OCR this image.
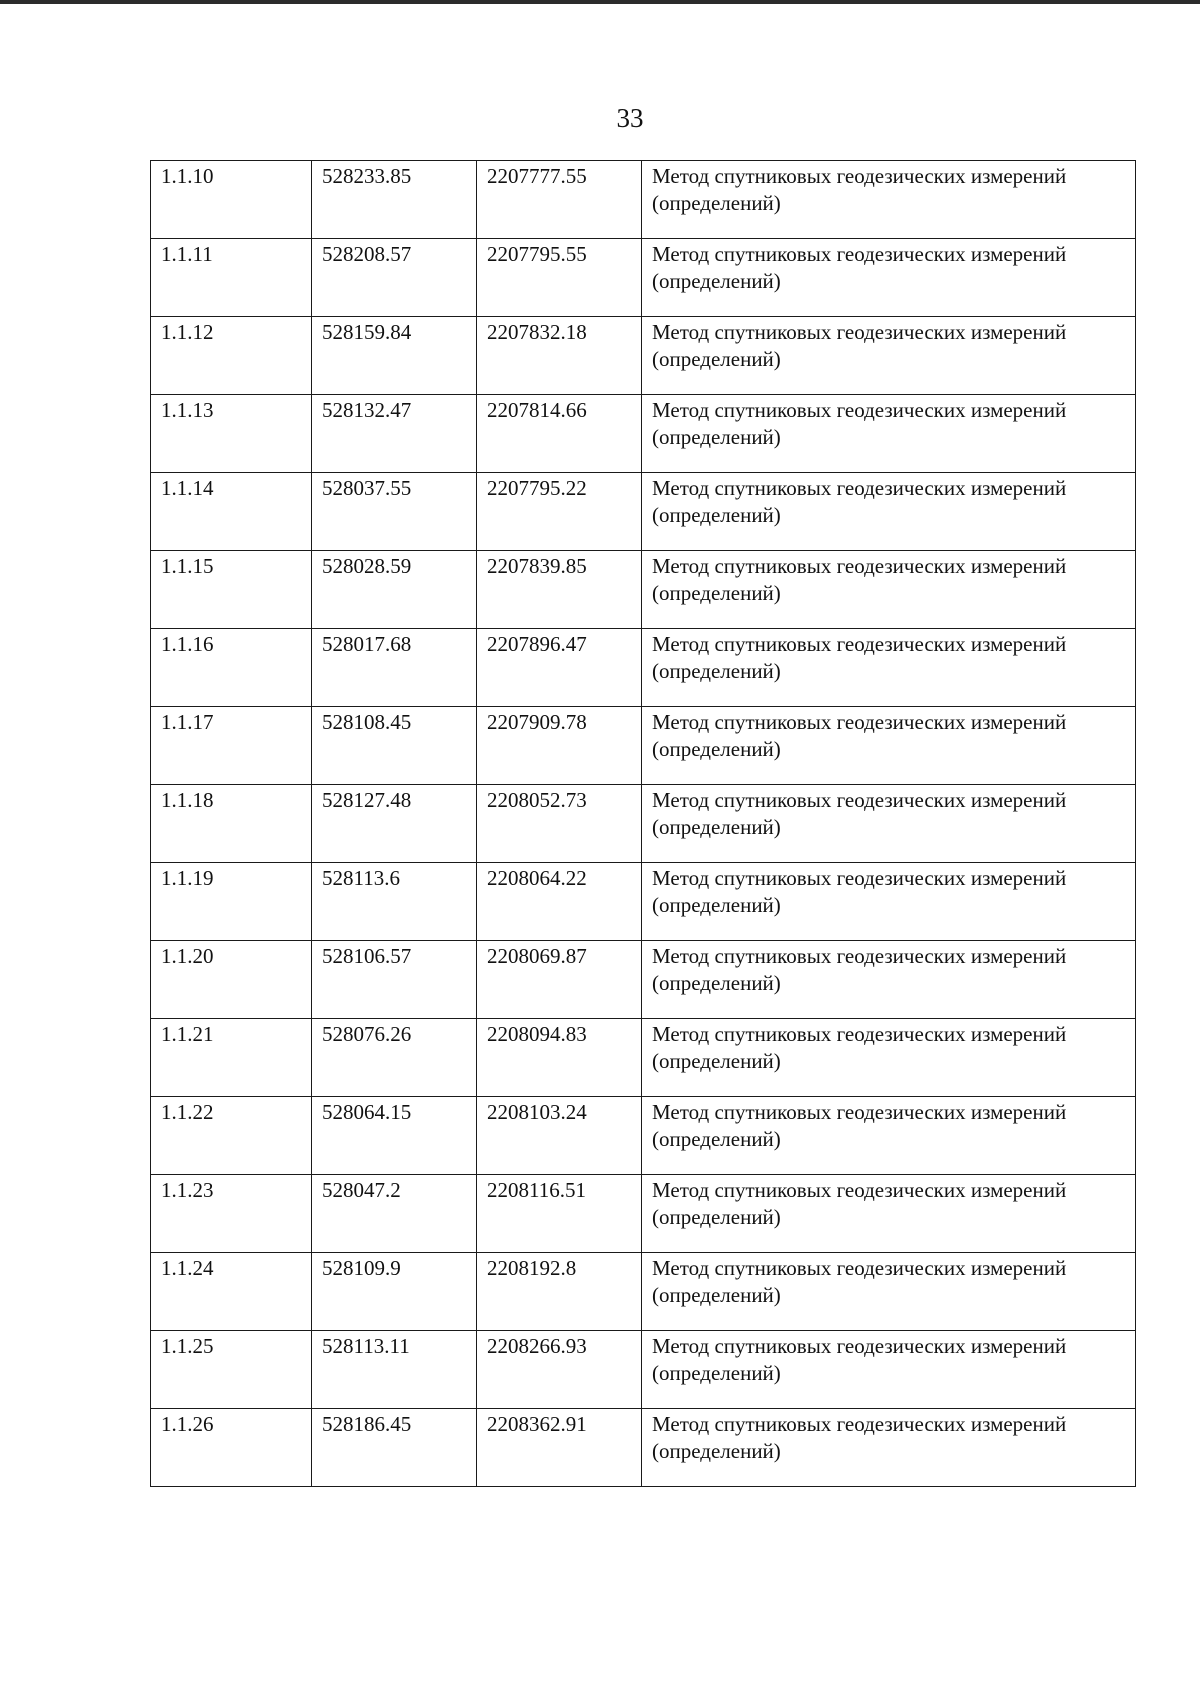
33
1.1.10	528233.85	2207777.55	Метод спутниковых геодезических измерений (определений)
1.1.11	528208.57	2207795.55	Метод спутниковых геодезических измерений (определений)
1.1.12	528159.84	2207832.18	Метод спутниковых геодезических измерений (определений)
1.1.13	528132.47	2207814.66	Метод спутниковых геодезических измерений (определений)
1.1.14	528037.55	2207795.22	Метод спутниковых геодезических измерений (определений)
1.1.15	528028.59	2207839.85	Метод спутниковых геодезических измерений (определений)
1.1.16	528017.68	2207896.47	Метод спутниковых геодезических измерений (определений)
1.1.17	528108.45	2207909.78	Метод спутниковых геодезических измерений (определений)
1.1.18	528127.48	2208052.73	Метод спутниковых геодезических измерений (определений)
1.1.19	528113.6	2208064.22	Метод спутниковых геодезических измерений (определений)
1.1.20	528106.57	2208069.87	Метод спутниковых геодезических измерений (определений)
1.1.21	528076.26	2208094.83	Метод спутниковых геодезических измерений (определений)
1.1.22	528064.15	2208103.24	Метод спутниковых геодезических измерений (определений)
1.1.23	528047.2	2208116.51	Метод спутниковых геодезических измерений (определений)
1.1.24	528109.9	2208192.8	Метод спутниковых геодезических измерений (определений)
1.1.25	528113.11	2208266.93	Метод спутниковых геодезических измерений (определений)
1.1.26	528186.45	2208362.91	Метод спутниковых геодезических измерений (определений)
